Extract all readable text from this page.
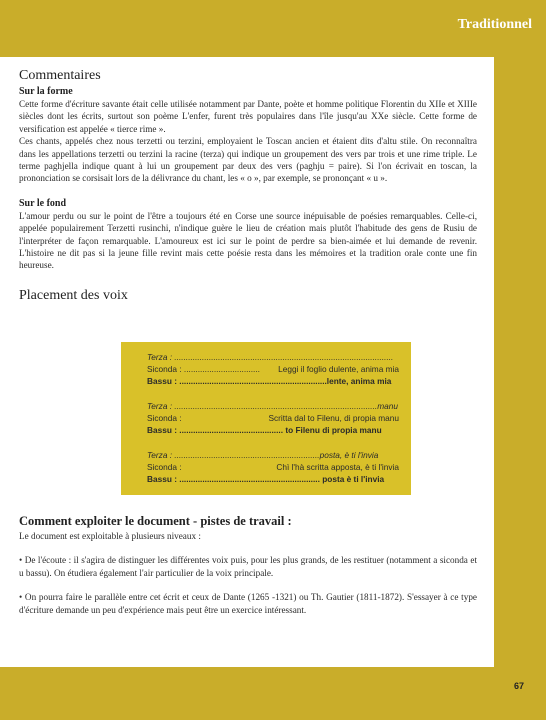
Traditionnel
Commentaires
Sur la forme

Cette forme d'écriture savante était celle utilisée notamment par Dante, poète et homme politique Florentin du XIIe et XIIIe siècles dont les écrits, surtout son poème L'enfer, furent très populaires dans l'île jusqu'au XXe siècle. Cette forme de versification est appelée « tierce rime ».

Ces chants, appelés chez nous terzetti ou terzini, employaient le Toscan ancien et étaient dits d'altu stile. On reconnaîtra dans les appellations terzetti ou terzini la racine (terza) qui indique un groupement des vers par trois et une rime triple. Le terme paghjella indique quant à lui un groupement par deux des vers (paghju = paire). Si l'on écrivait en toscan, la prononciation se corsisait lors de la délivrance du chant, les « o », par exemple, se prononçant « u ».

Sur le fond

L'amour perdu ou sur le point de l'être a toujours été en Corse une source inépuisable de poésies remarquables. Celle-ci, appelée populairement Terzetti rusinchi, n'indique guère le lieu de création mais plutôt l'habitude des gens de Rusiu de l'interpréter de façon remarquable. L'amoureux est ici sur le point de perdre sa bien-aimée et lui demande de revenir. L'histoire ne dit pas si la jeune fille revint mais cette poésie resta dans les mémoires et la tradition orale conte une fin heureuse.

Placement des voix
Terza : ...............................................................................................
Siconda : ................................. Leggi il foglio dulente, anima mia
Bassu : ................................................................lente, anima mia
Terza : ........................................................................................manu
Siconda :	Scritta dal to Filenu, di propia manu
Bassu : ............................................. to Filenu di propia manu
Terza : ...............................................................posta, è ti l'invia
Siconda :	Chì l'hà scritta apposta, è ti l'invia
Bassu : ............................................................. posta è ti l'invia
Comment exploiter le document - pistes de travail :

Le document est exploitable à plusieurs niveaux :

• De l'écoute : il s'agira de distinguer les différentes voix puis, pour les plus grands, de les restituer (notamment a siconda et u bassu). On étudiera également l'air particulier de la voix principale.

• On pourra faire le parallèle entre cet écrit et ceux de Dante (1265 -1321) ou Th. Gautier (1811-1872). S'essayer à ce type d'écriture demande un peu d'expérience mais peut être un exercice intéressant.

67
